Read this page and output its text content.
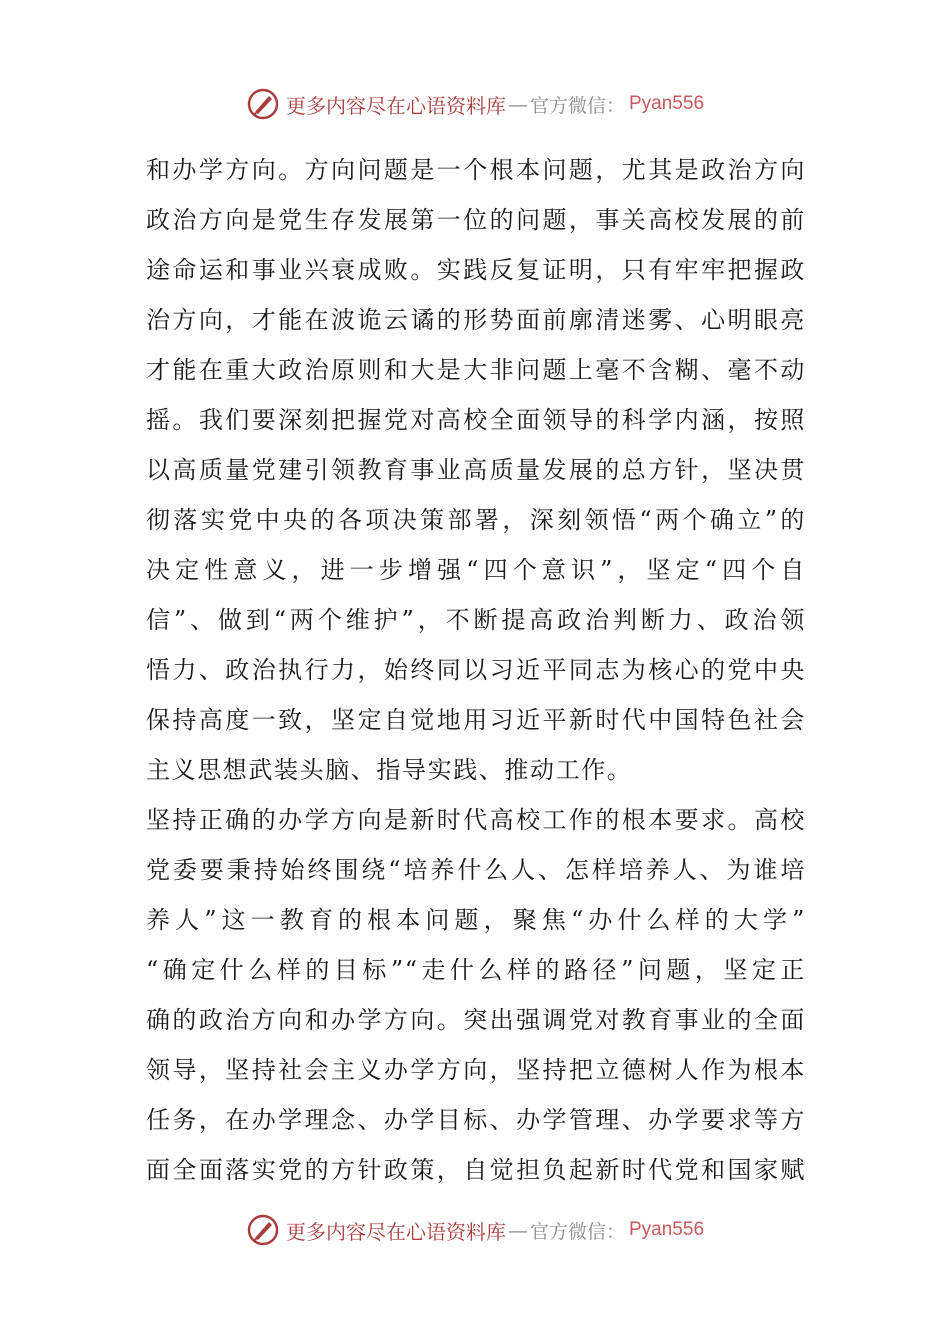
更多内容尽在心语资料库 — 官方微信： Pyan556
和办学方向。方向问题是一个根本问题，尤其是政治方向
政治方向是党生存发展第一位的问题，事关高校发展的前
途命运和事业兴衰成败。实践反复证明，只有牢牢把握政
治方向，才能在波诡云谲的形势面前廓清迷雾、心明眼亮
才能在重大政治原则和大是大非问题上毫不含糊、毫不动
摇。我们要深刻把握党对高校全面领导的科学内涵，按照
以高质量党建引领教育事业高质量发展的总方针，坚决贯
彻落实党中央的各项决策部署，深刻领悟“两个确立”的
决定性意义，进一步增强“四个意识”，坚定“四个自
信”、做到“两个维护”，不断提高政治判断力、政治领
悟力、政治执行力，始终同以习近平同志为核心的党中央
保持高度一致，坚定自觉地用习近平新时代中国特色社会
主义思想武装头脑、指导实践、推动工作。
坚持正确的办学方向是新时代高校工作的根本要求。高校
党委要秉持始终围绕“培养什么人、怎样培养人、为谁培
养人”这一教育的根本问题，聚焦“办什么样的大学”
“确定什么样的目标”“走什么样的路径”问题，坚定正
确的政治方向和办学方向。突出强调党对教育事业的全面
领导，坚持社会主义办学方向，坚持把立德树人作为根本
任务，在办学理念、办学目标、办学管理、办学要求等方
面全面落实党的方针政策，自觉担负起新时代党和国家赋
更多内容尽在心语资料库 — 官方微信： Pyan556
